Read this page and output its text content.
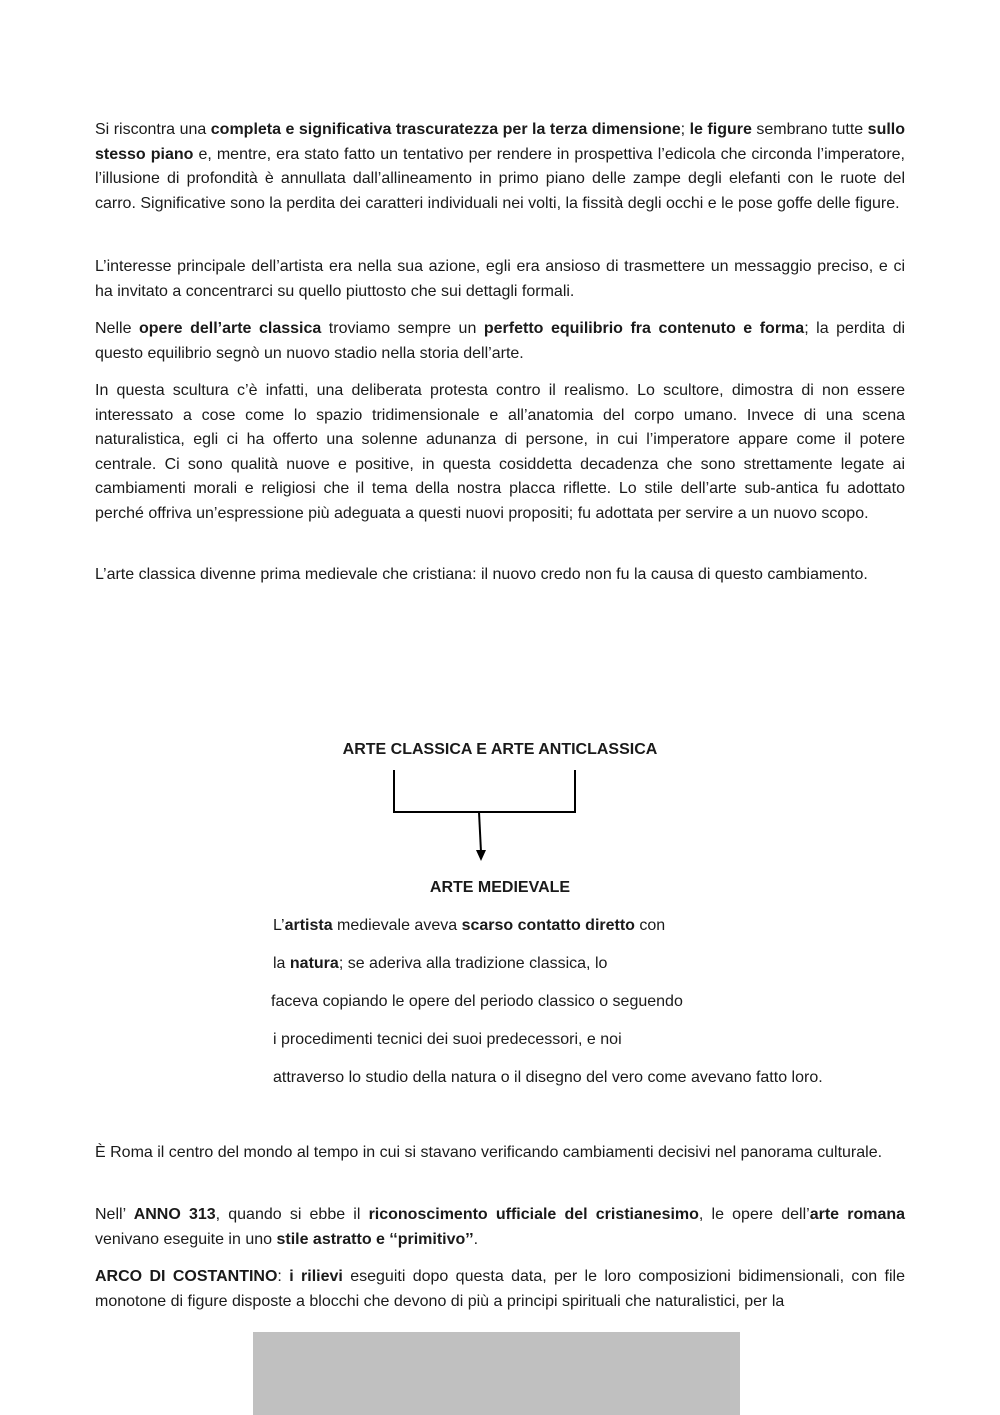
Si riscontra una completa e significativa trascuratezza per la terza dimensione; le figure sembrano tutte sullo stesso piano e, mentre, era stato fatto un tentativo per rendere in prospettiva l’edicola che circonda l’imperatore, l’illusione di profondità è annullata dall’allineamento in primo piano delle zampe degli elefanti con le ruote del carro. Significative sono la perdita dei caratteri individuali nei volti, la fissità degli occhi e le pose goffe delle figure.

L’interesse principale dell’artista era nella sua azione, egli era ansioso di trasmettere un messaggio preciso, e ci ha invitato a concentrarci su quello piuttosto che sui dettagli formali.

Nelle opere dell’arte classica troviamo sempre un perfetto equilibrio fra contenuto e forma; la perdita di questo equilibrio segnò un nuovo stadio nella storia dell’arte.

In questa scultura c’è infatti, una deliberata protesta contro il realismo. Lo scultore, dimostra di non essere interessato a cose come lo spazio tridimensionale e all’anatomia del corpo umano. Invece di una scena naturalistica, egli ci ha offerto una solenne adunanza di persone, in cui l’imperatore appare come il potere centrale. Ci sono qualità nuove e positive, in questa cosiddetta decadenza che sono strettamente legate ai cambiamenti morali e religiosi che il tema della nostra placca riflette. Lo stile dell’arte sub-antica fu adottato perché offriva un’espressione più adeguata a questi nuovi propositi; fu adottata per servire a un nuovo scopo.

L’arte classica divenne prima medievale che cristiana: il nuovo credo non fu la causa di questo cambiamento.

ARTE CLASSICA E ARTE ANTICLASSICA

ARTE MEDIEVALE

L’artista medievale aveva scarso contatto diretto con

la natura; se aderiva alla tradizione classica, lo

faceva copiando le opere del periodo classico o seguendo

i procedimenti tecnici dei suoi predecessori, e noi

attraverso lo studio della natura o il disegno del vero come avevano fatto loro.

È Roma il centro del mondo al tempo in cui si stavano verificando cambiamenti decisivi nel panorama culturale.

Nell’ ANNO 313, quando si ebbe il riconoscimento ufficiale del cristianesimo, le opere dell’arte romana venivano eseguite in uno stile astratto e ‘‘primitivo’’.

ARCO DI COSTANTINO: i rilievi eseguiti dopo questa data, per le loro composizioni bidimensionali, con file monotone di figure disposte a blocchi che devono di più a principi spirituali che naturalistici, per la
